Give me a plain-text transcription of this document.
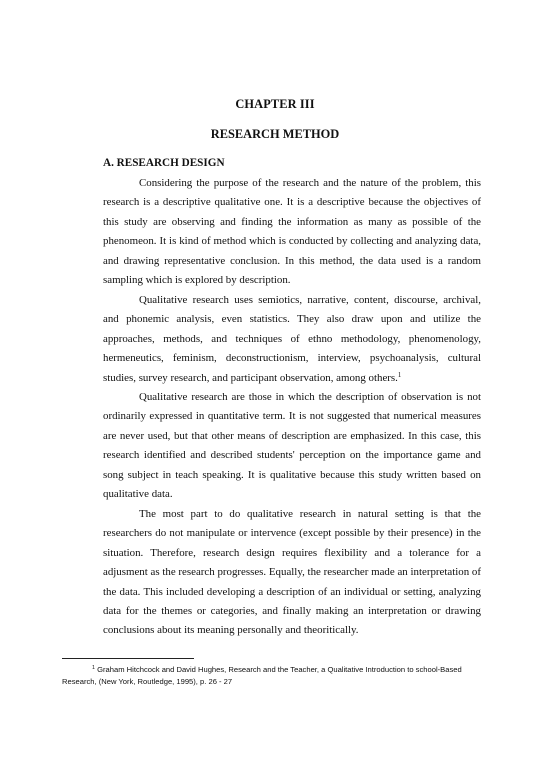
CHAPTER III
RESEARCH METHOD
A. RESEARCH DESIGN

Considering the purpose of the research and the nature of the problem, this research is a descriptive qualitative one. It is a descriptive because the objectives of this study are observing and finding the information as many as possible of the phenomeon. It is kind of method which is conducted by collecting and analyzing data, and drawing representative conclusion. In this method, the data used is a random sampling which is explored by description.

Qualitative research uses semiotics, narrative, content, discourse, archival, and phonemic analysis, even statistics. They also draw upon and utilize the approaches, methods, and techniques of ethno methodology, phenomenology, hermeneutics, feminism, deconstructionism, interview, psychoanalysis, cultural studies, survey research, and participant observation, among others.$^1$

Qualitative research are those in which the description of observation is not ordinarily expressed in quantitative term. It is not suggested that numerical measures are never used, but that other means of description are emphasized. In this case, this research identified and described students' perception on the importance game and song subject in teach speaking. It is qualitative because this study written based on qualitative data.

The most part to do qualitative research in natural setting is that the researchers do not manipulate or intervence (except possible by their presence) in the situation. Therefore, research design requires flexibility and a tolerance for a adjusment as the research progresses. Equally, the researcher made an interpretation of the data. This included developing a description of an individual or setting, analyzing data for the themes or categories, and finally making an interpretation or drawing conclusions about its meaning personally and theoritically.

$^1$ Graham Hitchcock and David Hughes, Research and the Teacher, a Qualitative Introduction to school-Based Research, (New York, Routledge, 1995), p. 26 - 27
